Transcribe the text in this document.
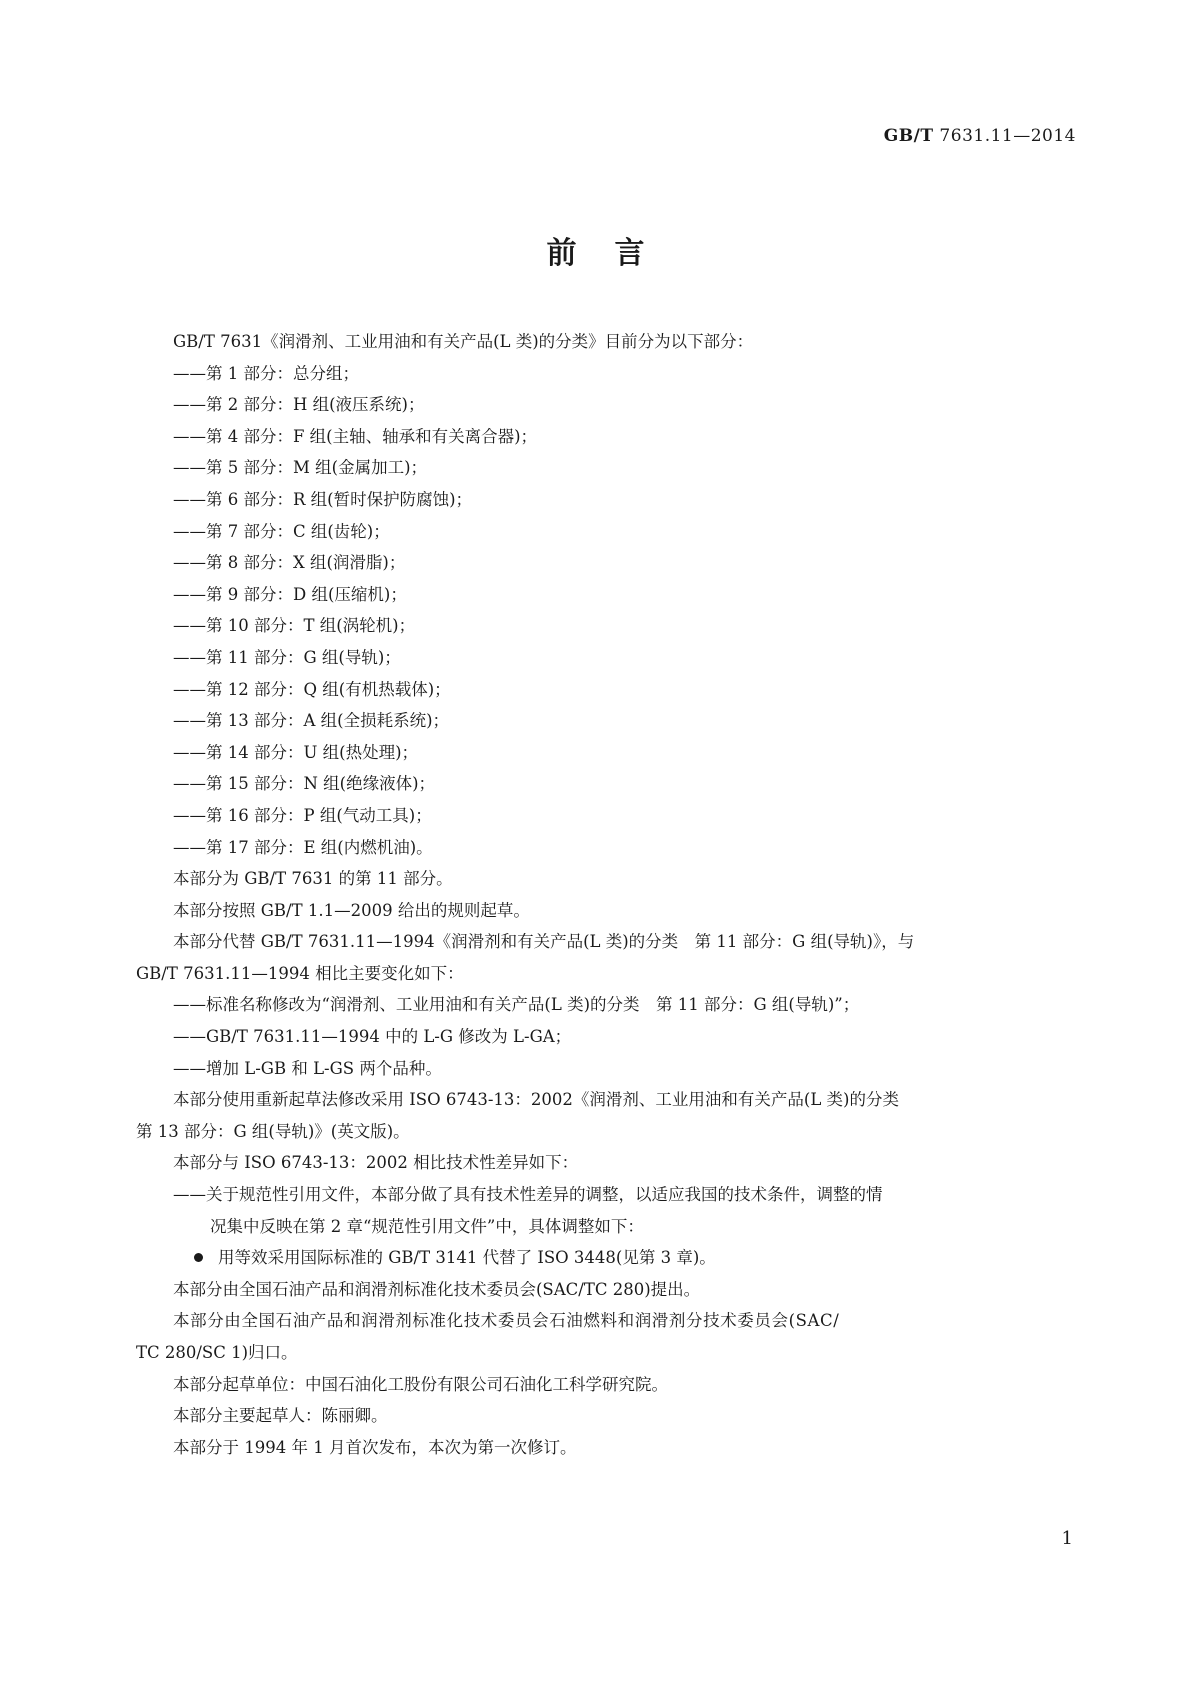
GB/T 7631.11—2014
前言

GB/T 7631《润滑剂、工业用油和有关产品(L 类)的分类》目前分为以下部分：

——第 1 部分：总分组；

——第 2 部分：H 组(液压系统)；

——第 4 部分：F 组(主轴、轴承和有关离合器)；

——第 5 部分：M 组(金属加工)；

——第 6 部分：R 组(暂时保护防腐蚀)；

——第 7 部分：C 组(齿轮)；

——第 8 部分：X 组(润滑脂)；

——第 9 部分：D 组(压缩机)；

——第 10 部分：T 组(涡轮机)；

——第 11 部分：G 组(导轨)；

——第 12 部分：Q 组(有机热载体)；

——第 13 部分：A 组(全损耗系统)；

——第 14 部分：U 组(热处理)；

——第 15 部分：N 组(绝缘液体)；

——第 16 部分：P 组(气动工具)；

——第 17 部分：E 组(内燃机油)。

本部分为 GB/T 7631 的第 11 部分。

本部分按照 GB/T 1.1—2009 给出的规则起草。

本部分代替 GB/T 7631.11—1994《润滑剂和有关产品(L 类)的分类　第 11 部分：G 组(导轨)》，与

GB/T 7631.11—1994 相比主要变化如下：

——标准名称修改为“润滑剂、工业用油和有关产品(L 类)的分类　第 11 部分：G 组(导轨)”；

——GB/T 7631.11—1994 中的 L-G 修改为 L-GA；

——增加 L-GB 和 L-GS 两个品种。

本部分使用重新起草法修改采用 ISO 6743-13：2002《润滑剂、工业用油和有关产品(L 类)的分类

第 13 部分：G 组(导轨)》(英文版)。

本部分与 ISO 6743-13：2002 相比技术性差异如下：

——关于规范性引用文件，本部分做了具有技术性差异的调整，以适应我国的技术条件，调整的情

况集中反映在第 2 章“规范性引用文件”中，具体调整如下：

用等效采用国际标准的 GB/T 3141 代替了 ISO 3448(见第 3 章)。

本部分由全国石油产品和润滑剂标准化技术委员会(SAC/TC 280)提出。

本部分由全国石油产品和润滑剂标准化技术委员会石油燃料和润滑剂分技术委员会(SAC/

TC 280/SC 1)归口。

本部分起草单位：中国石油化工股份有限公司石油化工科学研究院。

本部分主要起草人：陈丽卿。

本部分于 1994 年 1 月首次发布，本次为第一次修订。

1
